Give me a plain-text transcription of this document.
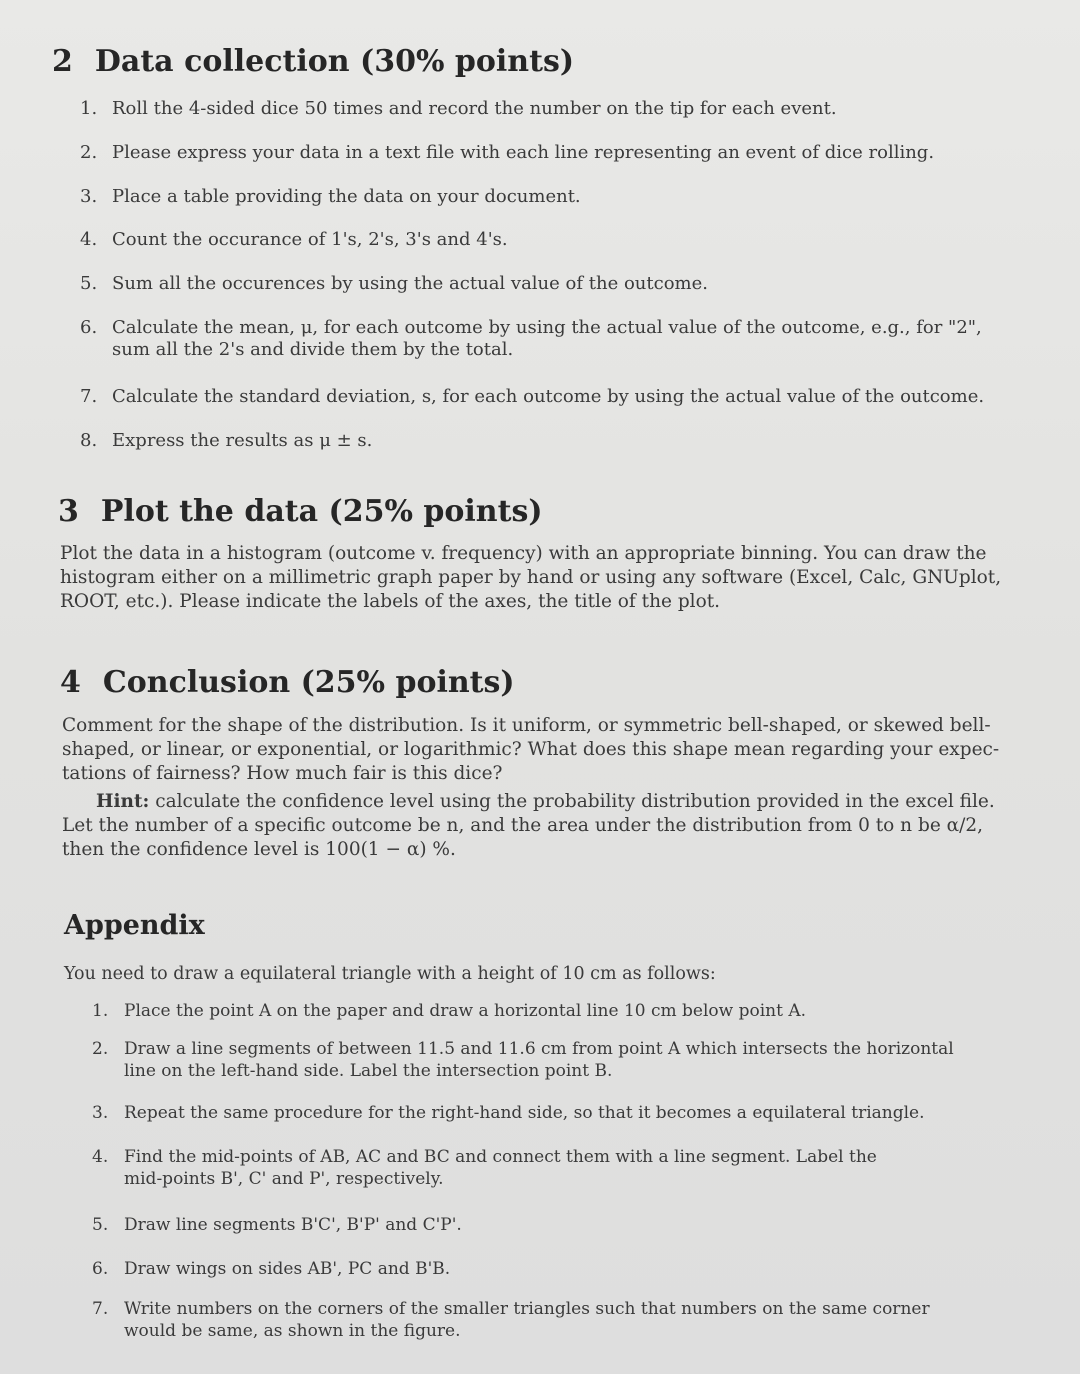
2 Data collection (30% points)
1. Roll the 4-sided dice 50 times and record the number on the tip for each event.
2. Please express your data in a text file with each line representing an event of dice rolling.
3. Place a table providing the data on your document.
4. Count the occurance of 1's, 2's, 3's and 4's.
5. Sum all the occurences by using the actual value of the outcome.
6. Calculate the mean, μ, for each outcome by using the actual value of the outcome, e.g., for "2",
sum all the 2's and divide them by the total.
7. Calculate the standard deviation, s, for each outcome by using the actual value of the outcome.
8. Express the results as μ ± s.
3 Plot the data (25% points)
Plot the data in a histogram (outcome v. frequency) with an appropriate binning. You can draw the
histogram either on a millimetric graph paper by hand or using any software (Excel, Calc, GNUplot,
ROOT, etc.). Please indicate the labels of the axes, the title of the plot.
4 Conclusion (25% points)
Comment for the shape of the distribution. Is it uniform, or symmetric bell-shaped, or skewed bell-
shaped, or linear, or exponential, or logarithmic? What does this shape mean regarding your expec-
tations of fairness? How much fair is this dice?
Hint: calculate the confidence level using the probability distribution provided in the excel file.
Let the number of a specific outcome be n, and the area under the distribution from 0 to n be α/2,
then the confidence level is 100(1 − α) %.
Appendix
You need to draw a equilateral triangle with a height of 10 cm as follows:
1. Place the point A on the paper and draw a horizontal line 10 cm below point A.
2. Draw a line segments of between 11.5 and 11.6 cm from point A which intersects the horizontal
line on the left-hand side. Label the intersection point B.
3. Repeat the same procedure for the right-hand side, so that it becomes a equilateral triangle.
4. Find the mid-points of AB, AC and BC and connect them with a line segment. Label the
mid-points B', C' and P', respectively.
5. Draw line segments B'C', B'P' and C'P'.
6. Draw wings on sides AB', PC and B'B.
7. Write numbers on the corners of the smaller triangles such that numbers on the same corner
would be same, as shown in the figure.
